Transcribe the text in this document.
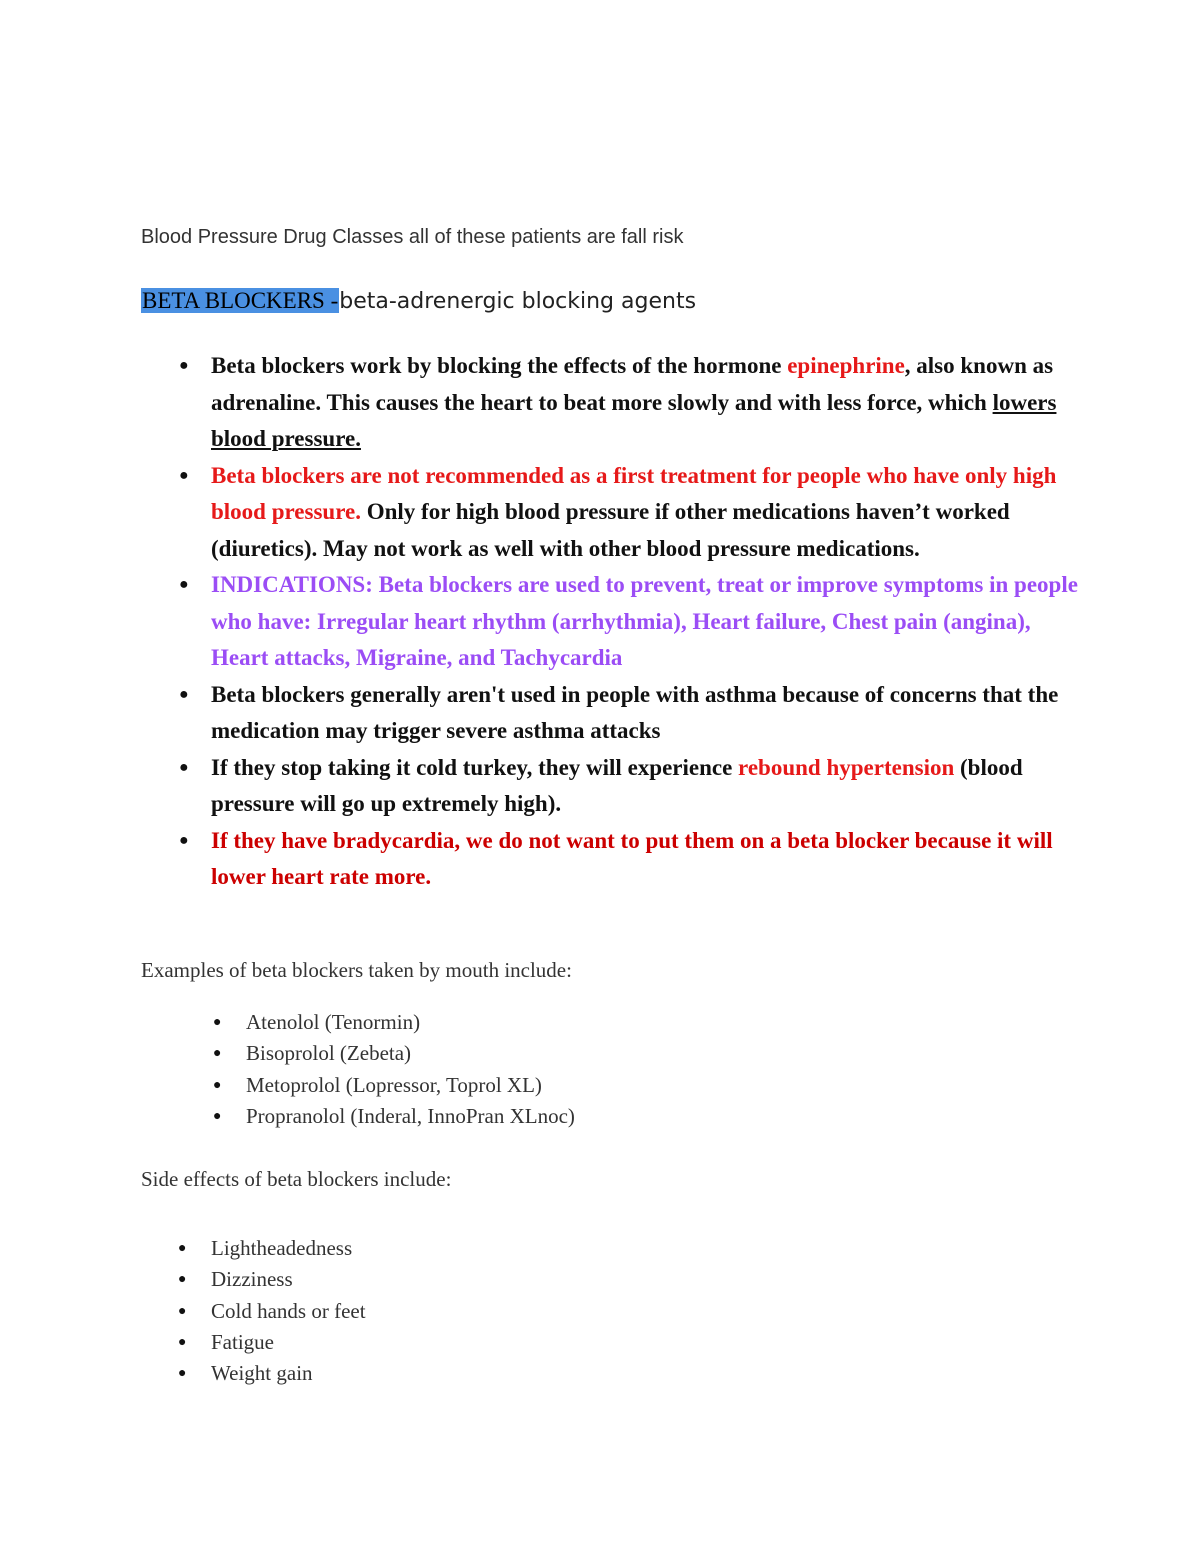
Blood Pressure Drug Classes all of these patients are fall risk
BETA BLOCKERS -beta-adrenergic blocking agents
● Beta blockers work by blocking the effects of the hormone epinephrine, also known as adrenaline. This causes the heart to beat more slowly and with less force, which lowers blood pressure.
● Beta blockers are not recommended as a first treatment for people who have only high blood pressure. Only for high blood pressure if other medications haven’t worked (diuretics). May not work as well with other blood pressure medications.
● INDICATIONS: Beta blockers are used to prevent, treat or improve symptoms in people who have: Irregular heart rhythm (arrhythmia), Heart failure, Chest pain (angina), Heart attacks, Migraine, and Tachycardia
● Beta blockers generally aren't used in people with asthma because of concerns that the medication may trigger severe asthma attacks
● If they stop taking it cold turkey, they will experience rebound hypertension (blood pressure will go up extremely high).
● If they have bradycardia, we do not want to put them on a beta blocker because it will lower heart rate more.
Examples of beta blockers taken by mouth include:
● Atenolol (Tenormin)
● Bisoprolol (Zebeta)
● Metoprolol (Lopressor, Toprol XL)
● Propranolol (Inderal, InnoPran XLnoc)
Side effects of beta blockers include:
● Lightheadedness
● Dizziness
● Cold hands or feet
● Fatigue
● Weight gain
